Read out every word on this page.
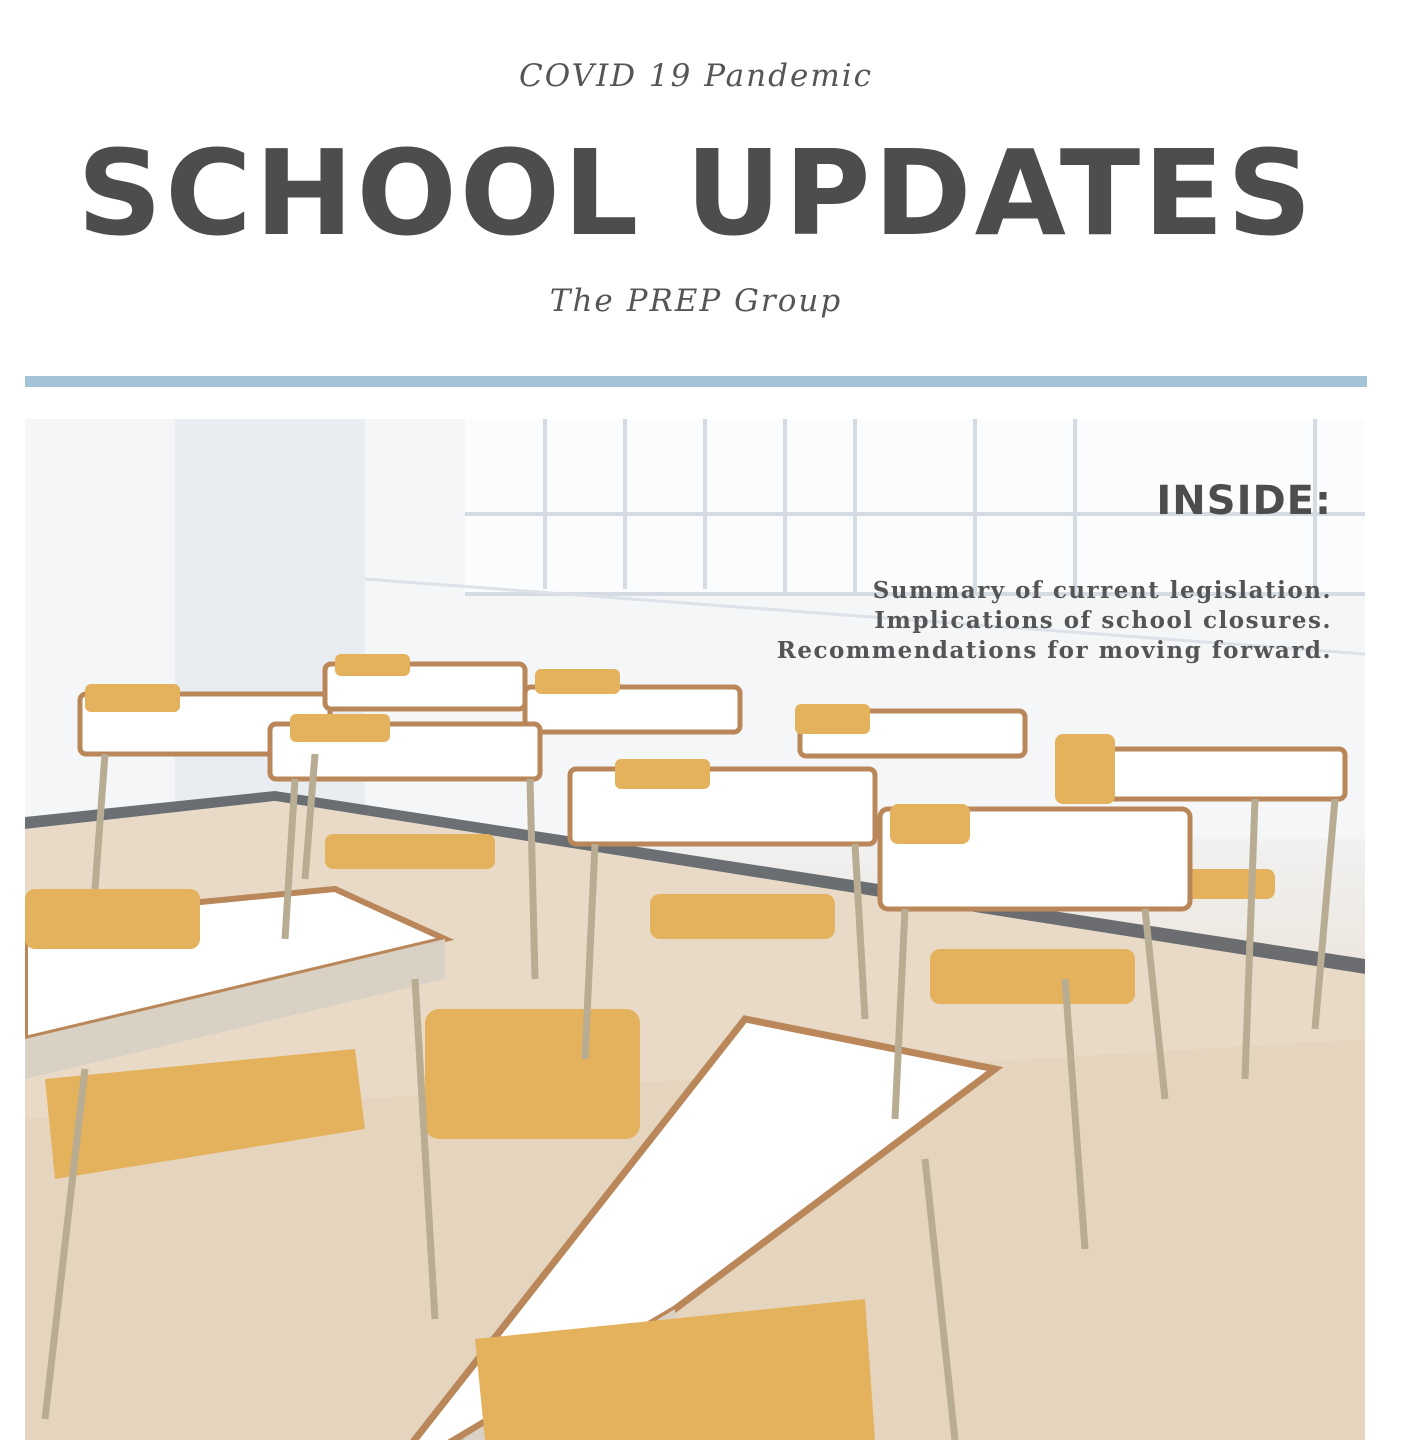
COVID 19 Pandemic
SCHOOL UPDATES
The PREP Group
INSIDE:
Summary of current legislation.
Implications of school closures.
Recommendations for moving forward.
